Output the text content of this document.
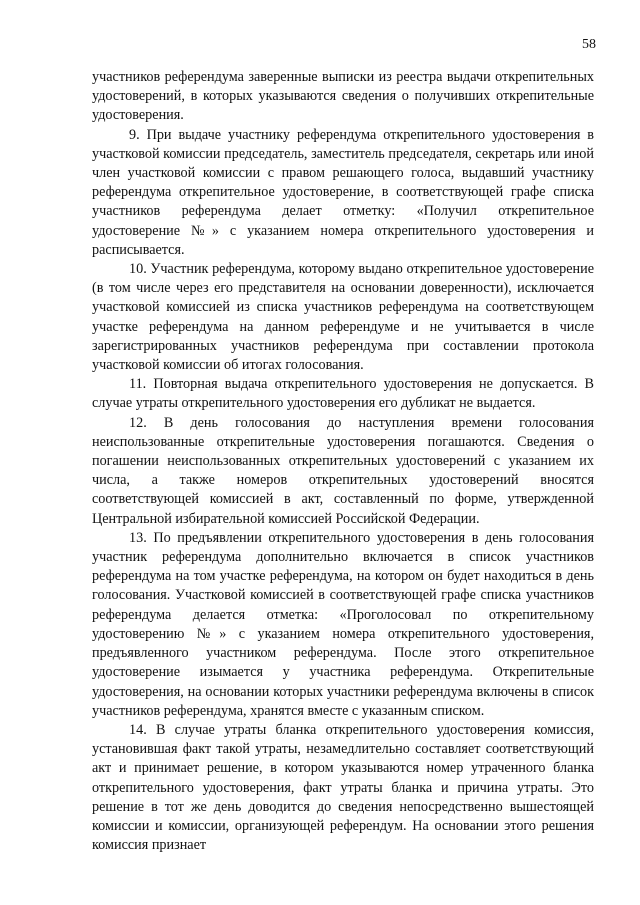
58

участников референдума заверенные выписки из реестра выдачи открепительных удостоверений, в которых указываются сведения о получивших открепительные удостоверения.

9. При выдаче участнику референдума открепительного удостоверения в участковой комиссии председатель, заместитель председателя, секретарь или иной член участковой комиссии с правом решающего голоса, выдавший участнику референдума открепительное удостоверение, в соответствующей графе списка участников референдума делает отметку: «Получил открепительное удостоверение №» с указанием номера открепительного удостоверения и расписывается.

10. Участник референдума, которому выдано открепительное удостоверение (в том числе через его представителя на основании доверенности), исключается участковой комиссией из списка участников референдума на соответствующем участке референдума на данном референдуме и не учитывается в числе зарегистрированных участников референдума при составлении протокола участковой комиссии об итогах голосования.

11. Повторная выдача открепительного удостоверения не допускается. В случае утраты открепительного удостоверения его дубликат не выдается.

12. В день голосования до наступления времени голосования неиспользованные открепительные удостоверения погашаются. Сведения о погашении неиспользованных открепительных удостоверений с указанием их числа, а также номеров открепительных удостоверений вносятся соответствующей комиссией в акт, составленный по форме, утвержденной Центральной избирательной комиссией Российской Федерации.

13. По предъявлении открепительного удостоверения в день голосования участник референдума дополнительно включается в список участников референдума на том участке референдума, на котором он будет находиться в день голосования. Участковой комиссией в соответствующей графе списка участников референдума делается отметка: «Проголосовал по открепительному удостоверению №» с указанием номера открепительного удостоверения, предъявленного участником референдума. После этого открепительное удостоверение изымается у участника референдума. Открепительные удостоверения, на основании которых участники референдума включены в список участников референдума, хранятся вместе с указанным списком.

14. В случае утраты бланка открепительного удостоверения комиссия, установившая факт такой утраты, незамедлительно составляет соответствующий акт и принимает решение, в котором указываются номер утраченного бланка открепительного удостоверения, факт утраты бланка и причина утраты. Это решение в тот же день доводится до сведения непосредственно вышестоящей комиссии и комиссии, организующей референдум. На основании этого решения комиссия признает
